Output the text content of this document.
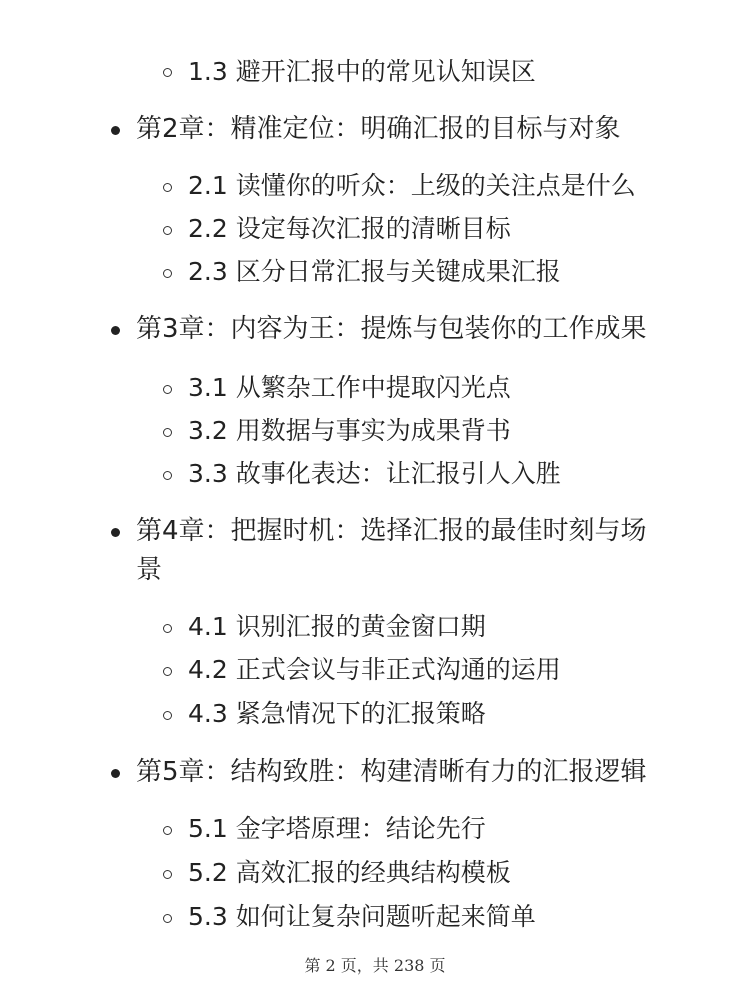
1.3 避开汇报中的常见认知误区
第2章：精准定位：明确汇报的目标与对象
2.1 读懂你的听众：上级的关注点是什么
2.2 设定每次汇报的清晰目标
2.3 区分日常汇报与关键成果汇报
第3章：内容为王：提炼与包装你的工作成果
3.1 从繁杂工作中提取闪光点
3.2 用数据与事实为成果背书
3.3 故事化表达：让汇报引人入胜
第4章：把握时机：选择汇报的最佳时刻与场
景
4.1 识别汇报的黄金窗口期
4.2 正式会议与非正式沟通的运用
4.3 紧急情况下的汇报策略
第5章：结构致胜：构建清晰有力的汇报逻辑
5.1 金字塔原理：结论先行
5.2 高效汇报的经典结构模板
5.3 如何让复杂问题听起来简单
第 2 页，共 238 页
